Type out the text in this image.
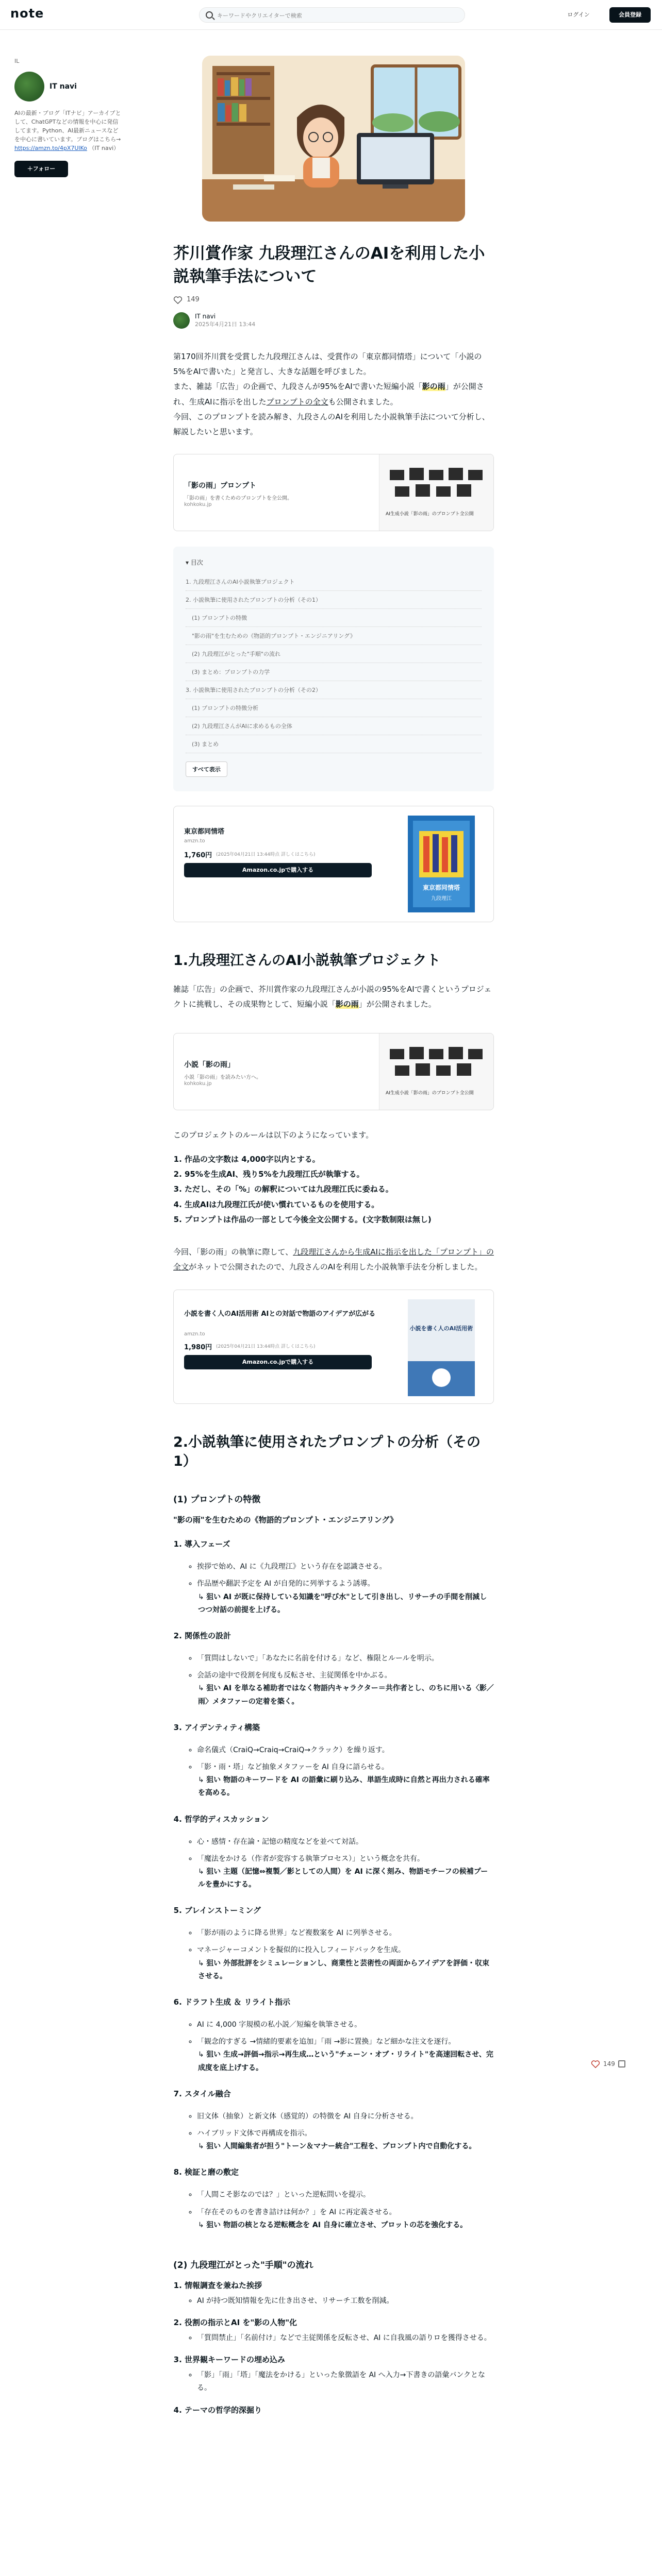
note
キーワードやクリエイターで検索	ログイン	会員登録
IL
IT navi
AIの最新・ブログ「ITナビ」アーカイブとして、ChatGPTなどの情報を中心に発信してます。Python、AI最新ニュースなどを中心に書いています。ブログはこちら→ https://amzn.to/4pX7UlKo （IT navi）
＋フォロー
芥川賞作家 九段理江さんのAIを利用した小説執筆手法について
149
IT navi
2025年4月21日 13:44

第170回芥川賞を受賞した九段理江さんは、受賞作の「東京都同情塔」について「小説の5%をAIで書いた」と発言し、大きな話題を呼びました。

また、雑誌「広告」の企画で、九段さんが95%をAIで書いた短編小説「影の雨」が公開され、生成AIに指示を出したプロンプトの全文も公開されました。

今回、このプロンプトを読み解き、九段さんのAIを利用した小説執筆手法について分析し、解説したいと思います。

「影の雨」プロンプト
「影の雨」を書くためのプロンプトを全公開。
kohkoku.jp
AI生成小説「影の雨」のプロンプト全公開
▾ 目次
1. 九段理江さんのAI小説執筆プロジェクト
2. 小説執筆に使用されたプロンプトの分析（その1）
(1) プロンプトの特徴
"影の雨"を生むための《物語的プロンプト・エンジニアリング》
(2) 九段理江がとった"手順"の流れ
(3) まとめ：プロンプトの力学
3. 小説執筆に使用されたプロンプトの分析（その2）
(1) プロンプトの特徴分析
(2) 九段理江さんがAIに求めるもの全体
(3) まとめ
すべて表示
東京都同情塔
amzn.to
1,760円 (2025年04月21日 13:44時点 詳しくはこちら)
Amazon.co.jpで購入する
東京都同情塔
九段理江
1.九段理江さんのAI小説執筆プロジェクト

雑誌「広告」の企画で、芥川賞作家の九段理江さんが小説の95%をAIで書くというプロジェクトに挑戦し、その成果物として、短編小説「影の雨」が公開されました。

小説「影の雨」
小説「影の雨」を読みたい方へ。
kohkoku.jp
AI生成小説「影の雨」のプロンプト全公開

このプロジェクトのルールは以下のようになっています。

1. 作品の文字数は 4,000字以内とする。
2. 95%を生成AI、残り5%を九段理江氏が執筆する。
3. ただし、その「%」の解釈については九段理江氏に委ねる。
4. 生成AIは九段理江氏が使い慣れているものを使用する。
5. プロンプトは作品の一部として今後全文公開する。(文字数制限は無し)

今回、「影の雨」の執筆に際して、九段理江さんから生成AIに指示を出した「プロンプト」の全文がネットで公開されたので、九段さんのAIを利用した小説執筆手法を分析しました。

小説を書く人のAI活用術 AIとの対話で物語のアイデアが広がる
amzn.to
1,980円 (2025年04月21日 13:44時点 詳しくはこちら)
Amazon.co.jpで購入する
小説を書く人のAI活用術
2.小説執筆に使用されたプロンプトの分析（その1）
(1) プロンプトの特徴
"影の雨"を生むための《物語的プロンプト・エンジニアリング》
1. 導入フェーズ
◦ 挨拶で始め、AI に《九段理江》という存在を認識させる。
◦ 作品歴や翻訳予定を AI が自発的に列挙するよう誘導。
↳ 狙い AI が既に保持している知識を"呼び水"として引き出し、リサーチの手間を削減しつつ対話の前提を上げる。
2. 関係性の設計
◦ 「質問はしないで」「あなたに名前を付ける」など、権限とルールを明示。
◦ 会話の途中で役割を何度も反転させ、主従関係を中かぶる。
↳ 狙い AI を単なる補助者ではなく物語内キャラクター＝共作者とし、のちに用いる〈影／雨〉メタファーの定着を築く。
3. アイデンティティ構築
◦ 命名儀式（CraiQ→Craiq→CraiQ→クラック）を繰り返す。
◦ 「影・雨・塔」など抽象メタファーを AI 自身に語らせる。
↳ 狙い 物語のキーワードを AI の語彙に刷り込み、単語生成時に自然と再出力される確率を高める。
4. 哲学的ディスカッション
◦ 心・感情・存在論・記憶の精度などを並べて対話。
◦ 「魔法をかける（作者が変容する執筆プロセス）」という概念を共有。
↳ 狙い 主題（記憶⇔複製／影としての人間）を AI に深く刻み、物語モチーフの候補プールを豊かにする。
5. ブレインストーミング
◦ 「影が雨のように降る世界」など複数案を AI に列挙させる。
◦ マネージャーコメントを擬似的に投入しフィードバックを生成。
↳ 狙い 外部批評をシミュレーションし、商業性と芸術性の両面からアイデアを評価・収束させる。
6. ドラフト生成 ＆ リライト指示
◦ AI に 4,000 字規模の私小説／短編を執筆させる。
◦ 「観念的すぎる →情緒的要素を追加」「雨 →影に置換」など細かな注文を逐行。
↳ 狙い 生成→評価→指示→再生成…という"チェーン・オブ・リライト"を高速回転させ、完成度を底上げする。
7. スタイル融合
◦ 旧文体（抽象）と新文体（感覚的）の特徴を AI 自身に分析させる。
◦ ハイブリッド文体で再構成を指示。
↳ 狙い 人間編集者が担う"トーン＆マナー統合"工程を、プロンプト内で自動化する。
8. 検証と磨の敷定
◦ 「人間こそ影なのでは？」といった逆転問いを提示。
◦ 「存在そのものを書き詰けは何か？」を AI に再定義させる。
↳ 狙い 物語の核となる逆転概念を AI 自身に確立させ、プロットの芯を強化する。
(2) 九段理江がとった"手順"の流れ
1. 情報調査を兼ねた挨拶
◦ AI が持つ既知情報を先に仕き出させ、リサーチ工数を削減。
2. 役割の指示とAI を"影の人物"化
◦ 「質問禁止」「名前付け」などで主従関係を反転させ、AI に自我風の語りロを獲得させる。
3. 世界観キーワードの埋め込み
◦ 「影」「雨」「塔」「魔法をかける」といった象徴語を AI へ入力→下書きの語彙バンクとなる。
4. テーマの哲学的深掘り
149
